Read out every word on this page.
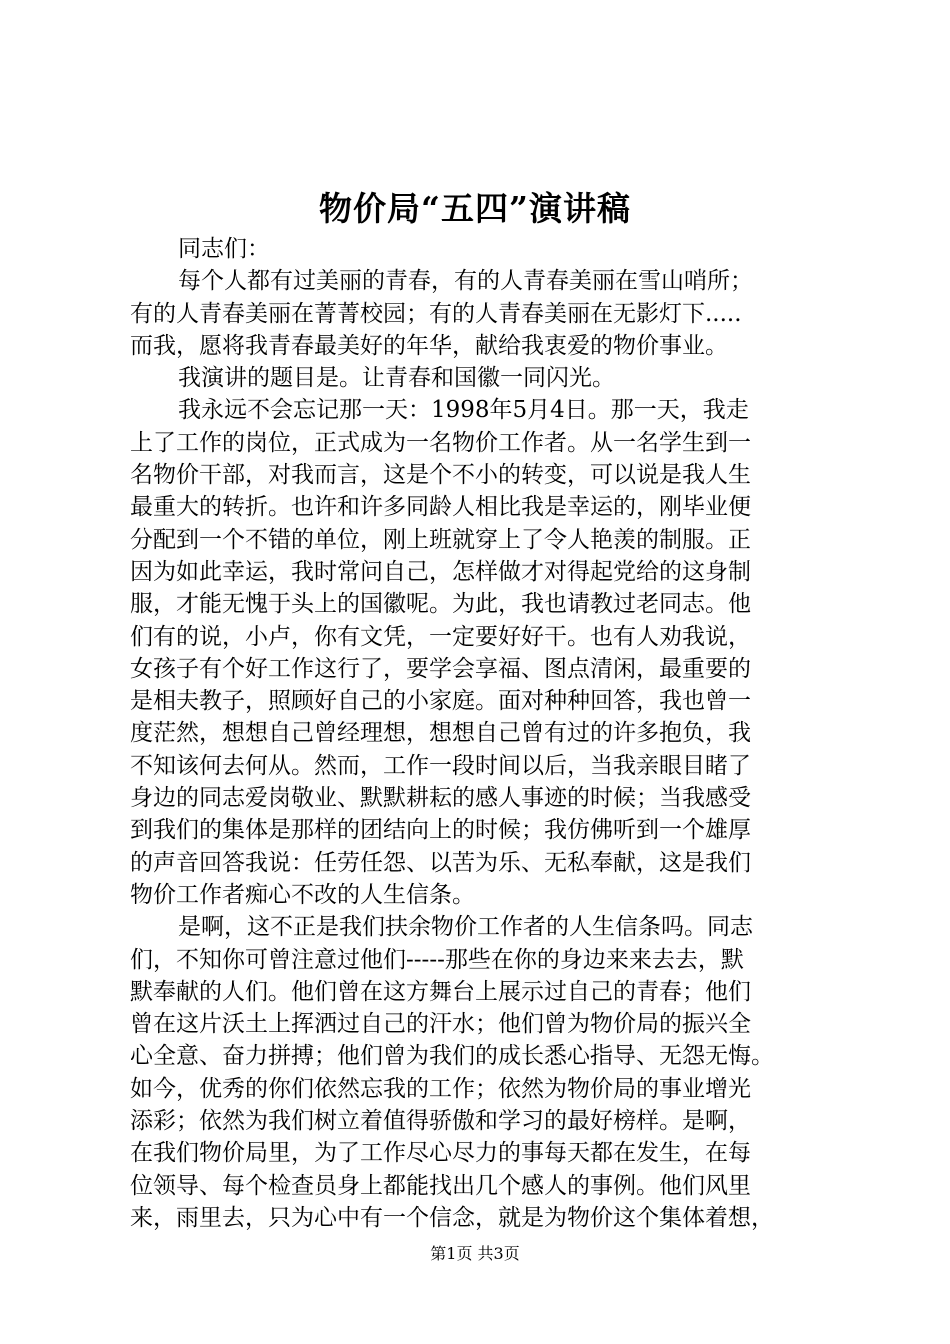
物价局“五四”演讲稿
同志们：
每个人都有过美丽的青春，有的人青春美丽在雪山哨所；
有的人青春美丽在菁菁校园；有的人青春美丽在无影灯下.....
而我，愿将我青春最美好的年华，献给我衷爱的物价事业。
我演讲的题目是。让青春和国徽一同闪光。
我永远不会忘记那一天：1998年5月4日。那一天，我走
上了工作的岗位，正式成为一名物价工作者。从一名学生到一
名物价干部，对我而言，这是个不小的转变，可以说是我人生
最重大的转折。也许和许多同龄人相比我是幸运的，刚毕业便
分配到一个不错的单位，刚上班就穿上了令人艳羡的制服。正
因为如此幸运，我时常问自己，怎样做才对得起党给的这身制
服，才能无愧于头上的国徽呢。为此，我也请教过老同志。他
们有的说，小卢，你有文凭，一定要好好干。也有人劝我说，
女孩子有个好工作这行了，要学会享福、图点清闲，最重要的
是相夫教子，照顾好自己的小家庭。面对种种回答，我也曾一
度茫然，想想自己曾经理想，想想自己曾有过的许多抱负，我
不知该何去何从。然而，工作一段时间以后，当我亲眼目睹了
身边的同志爱岗敬业、默默耕耘的感人事迹的时候；当我感受
到我们的集体是那样的团结向上的时候；我仿佛听到一个雄厚
的声音回答我说：任劳任怨、以苦为乐、无私奉献，这是我们
物价工作者痴心不改的人生信条。
是啊，这不正是我们扶余物价工作者的人生信条吗。同志
们，不知你可曾注意过他们-----那些在你的身边来来去去，默
默奉献的人们。他们曾在这方舞台上展示过自己的青春；他们
曾在这片沃土上挥洒过自己的汗水；他们曾为物价局的振兴全
心全意、奋力拼搏；他们曾为我们的成长悉心指导、无怨无悔。
如今，优秀的你们依然忘我的工作；依然为物价局的事业增光
添彩；依然为我们树立着值得骄傲和学习的最好榜样。是啊，
在我们物价局里，为了工作尽心尽力的事每天都在发生，在每
位领导、每个检查员身上都能找出几个感人的事例。他们风里
来，雨里去，只为心中有一个信念，就是为物价这个集体着想，
第1页 共3页
